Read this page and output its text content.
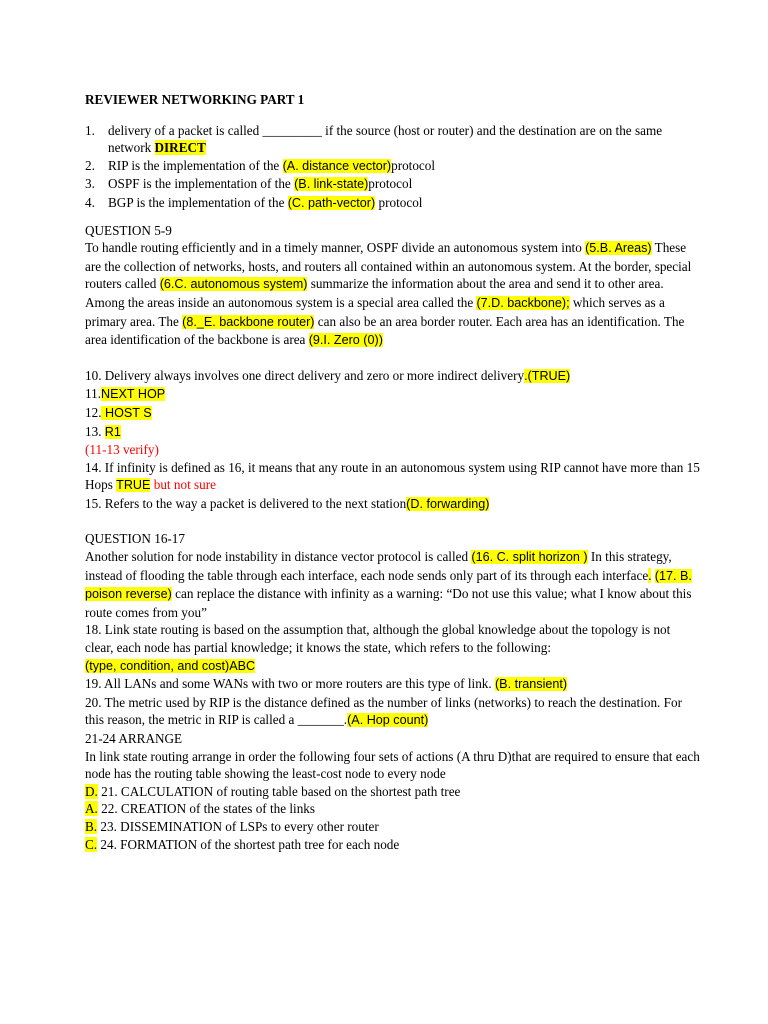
REVIEWER NETWORKING PART 1
1. delivery of a packet is called _________ if the source (host or router) and the destination are on the same network DIRECT
2. RIP is the implementation of the (A. distance vector)protocol
3. OSPF is the implementation of the (B. link-state)protocol
4. BGP is the implementation of the (C. path-vector) protocol

QUESTION 5-9

To handle routing efficiently and in a timely manner, OSPF divide an autonomous system into (5.B. Areas) These are the collection of networks, hosts, and routers all contained within an autonomous system. At the border, special routers called (6.C. autonomous system) summarize the information about the area and send it to other area. Among the areas inside an autonomous system is a special area called the (7.D. backbone); which serves as a primary area. The (8._E. backbone router) can also be an area border router. Each area has an identification. The area identification of the backbone is area (9.I. Zero (0))

10. Delivery always involves one direct delivery and zero or more indirect delivery.(TRUE)

11.NEXT HOP

12. HOST S

13. R1

(11-13 verify)

14. If infinity is defined as 16, it means that any route in an autonomous system using RIP cannot have more than 15 Hops TRUE but not sure

15. Refers to the way a packet is delivered to the next station(D. forwarding)

QUESTION 16-17

Another solution for node instability in distance vector protocol is called (16. C. split horizon ) In this strategy, instead of flooding the table through each interface, each node sends only part of its through each interface. (17. B. poison reverse) can replace the distance with infinity as a warning: “Do not use this value; what I know about this route comes from you”

18. Link state routing is based on the assumption that, although the global knowledge about the topology is not clear, each node has partial knowledge; it knows the state, which refers to the following:

(type, condition, and cost)ABC

19. All LANs and some WANs with two or more routers are this type of link. (B. transient)

20. The metric used by RIP is the distance defined as the number of links (networks) to reach the destination. For this reason, the metric in RIP is called a _______.(A. Hop count)

21-24 ARRANGE

In link state routing arrange in order the following four sets of actions (A thru D)that are required to ensure that each node has the routing table showing the least-cost node to every node

D. 21. CALCULATION of routing table based on the shortest path tree

A. 22. CREATION of the states of the links

B. 23. DISSEMINATION of LSPs to every other router

C. 24. FORMATION of the shortest path tree for each node
